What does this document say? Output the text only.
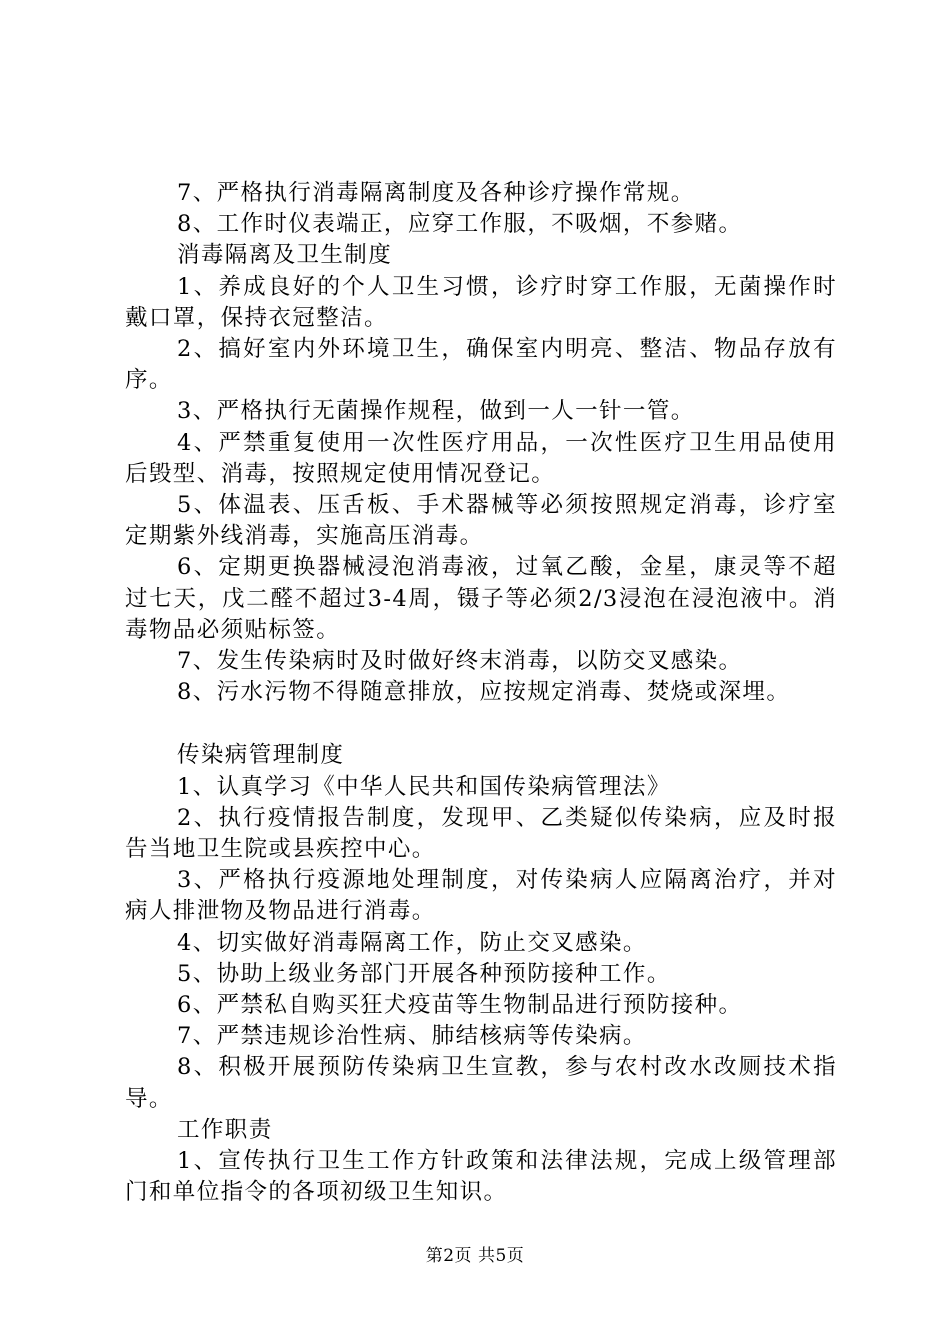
7、严格执行消毒隔离制度及各种诊疗操作常规。

8、工作时仪表端正，应穿工作服，不吸烟，不参赌。

消毒隔离及卫生制度

1、养成良好的个人卫生习惯，诊疗时穿工作服，无菌操作时戴口罩，保持衣冠整洁。

2、搞好室内外环境卫生，确保室内明亮、整洁、物品存放有序。

3、严格执行无菌操作规程，做到一人一针一管。

4、严禁重复使用一次性医疗用品，一次性医疗卫生用品使用后毁型、消毒，按照规定使用情况登记。

5、体温表、压舌板、手术器械等必须按照规定消毒，诊疗室定期紫外线消毒，实施高压消毒。

6、定期更换器械浸泡消毒液，过氧乙酸，金星，康灵等不超过七天，戊二醛不超过3-4周，镊子等必须2/3浸泡在浸泡液中。消毒物品必须贴标签。

7、发生传染病时及时做好终末消毒，以防交叉感染。

8、污水污物不得随意排放，应按规定消毒、焚烧或深埋。

传染病管理制度

1、认真学习《中华人民共和国传染病管理法》

2、执行疫情报告制度，发现甲、乙类疑似传染病，应及时报告当地卫生院或县疾控中心。

3、严格执行疫源地处理制度，对传染病人应隔离治疗，并对病人排泄物及物品进行消毒。

4、切实做好消毒隔离工作，防止交叉感染。

5、协助上级业务部门开展各种预防接种工作。

6、严禁私自购买狂犬疫苗等生物制品进行预防接种。

7、严禁违规诊治性病、肺结核病等传染病。

8、积极开展预防传染病卫生宣教，参与农村改水改厕技术指导。

工作职责

1、宣传执行卫生工作方针政策和法律法规，完成上级管理部门和单位指令的各项初级卫生知识。

第2页 共5页
